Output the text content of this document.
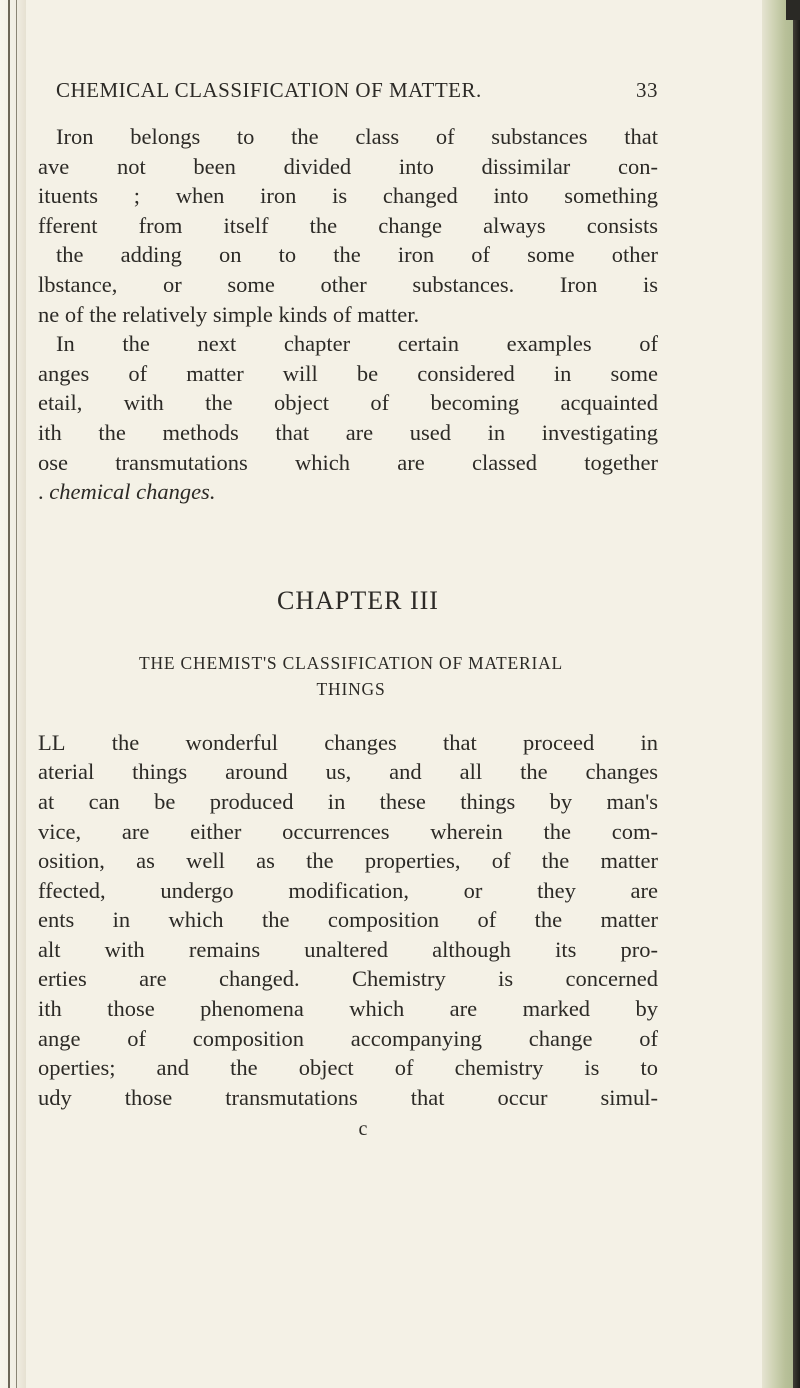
CHEMICAL CLASSIFICATION OF MATTER.	33

Iron belongs to the class of substances that
ave not been divided into dissimilar con-
ituents ; when iron is changed into something
fferent from itself the change always consists
the adding on to the iron of some other
lbstance, or some other substances. Iron is
ne of the relatively simple kinds of matter.

In the next chapter certain examples of
anges of matter will be considered in some
etail, with the object of becoming acquainted
ith the methods that are used in investigating
ose transmutations which are classed together
. chemical changes.

CHAPTER III
THE CHEMIST'S CLASSIFICATION OF MATERIAL
THINGS

LL the wonderful changes that proceed in
aterial things around us, and all the changes
at can be produced in these things by man's
vice, are either occurrences wherein the com-
osition, as well as the properties, of the matter
ffected, undergo modification, or they are
ents in which the composition of the matter
alt with remains unaltered although its pro-
erties are changed. Chemistry is concerned
ith those phenomena which are marked by
ange of composition accompanying change of
operties; and the object of chemistry is to
udy those transmutations that occur simul-

c
